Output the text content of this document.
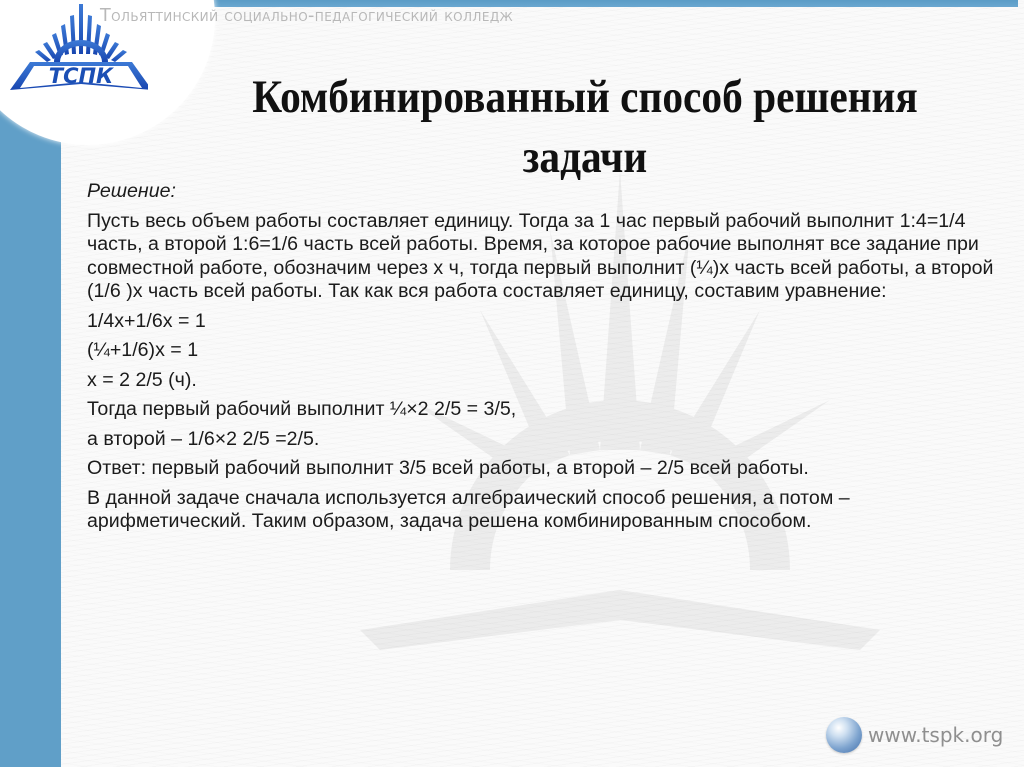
ТСПК
Тольяттинский социально-педагогический колледж
Комбинированный способ решения задачи

Решение:

Пусть весь объем работы составляет единицу. Тогда за 1 час первый рабочий выполнит 1:4=1/4 часть, а второй 1:6=1/6 часть всей работы. Время, за которое рабочие выполнят все задание при совместной работе, обозначим через х ч, тогда первый выполнит (¼)х часть всей работы, а второй (1/6 )х часть всей работы. Так как вся работа составляет единицу, составим уравнение:

1/4х+1/6х = 1

(¼+1/6)х = 1

х = 2 2/5 (ч).

Тогда первый рабочий выполнит ¼×2 2/5 = 3/5,

а второй – 1/6×2 2/5 =2/5.

Ответ: первый рабочий выполнит 3/5 всей работы, а второй – 2/5 всей работы.

В данной задаче сначала используется алгебраический способ решения, а потом – арифметический. Таким образом, задача решена комбинированным способом.

www.tspk.org
